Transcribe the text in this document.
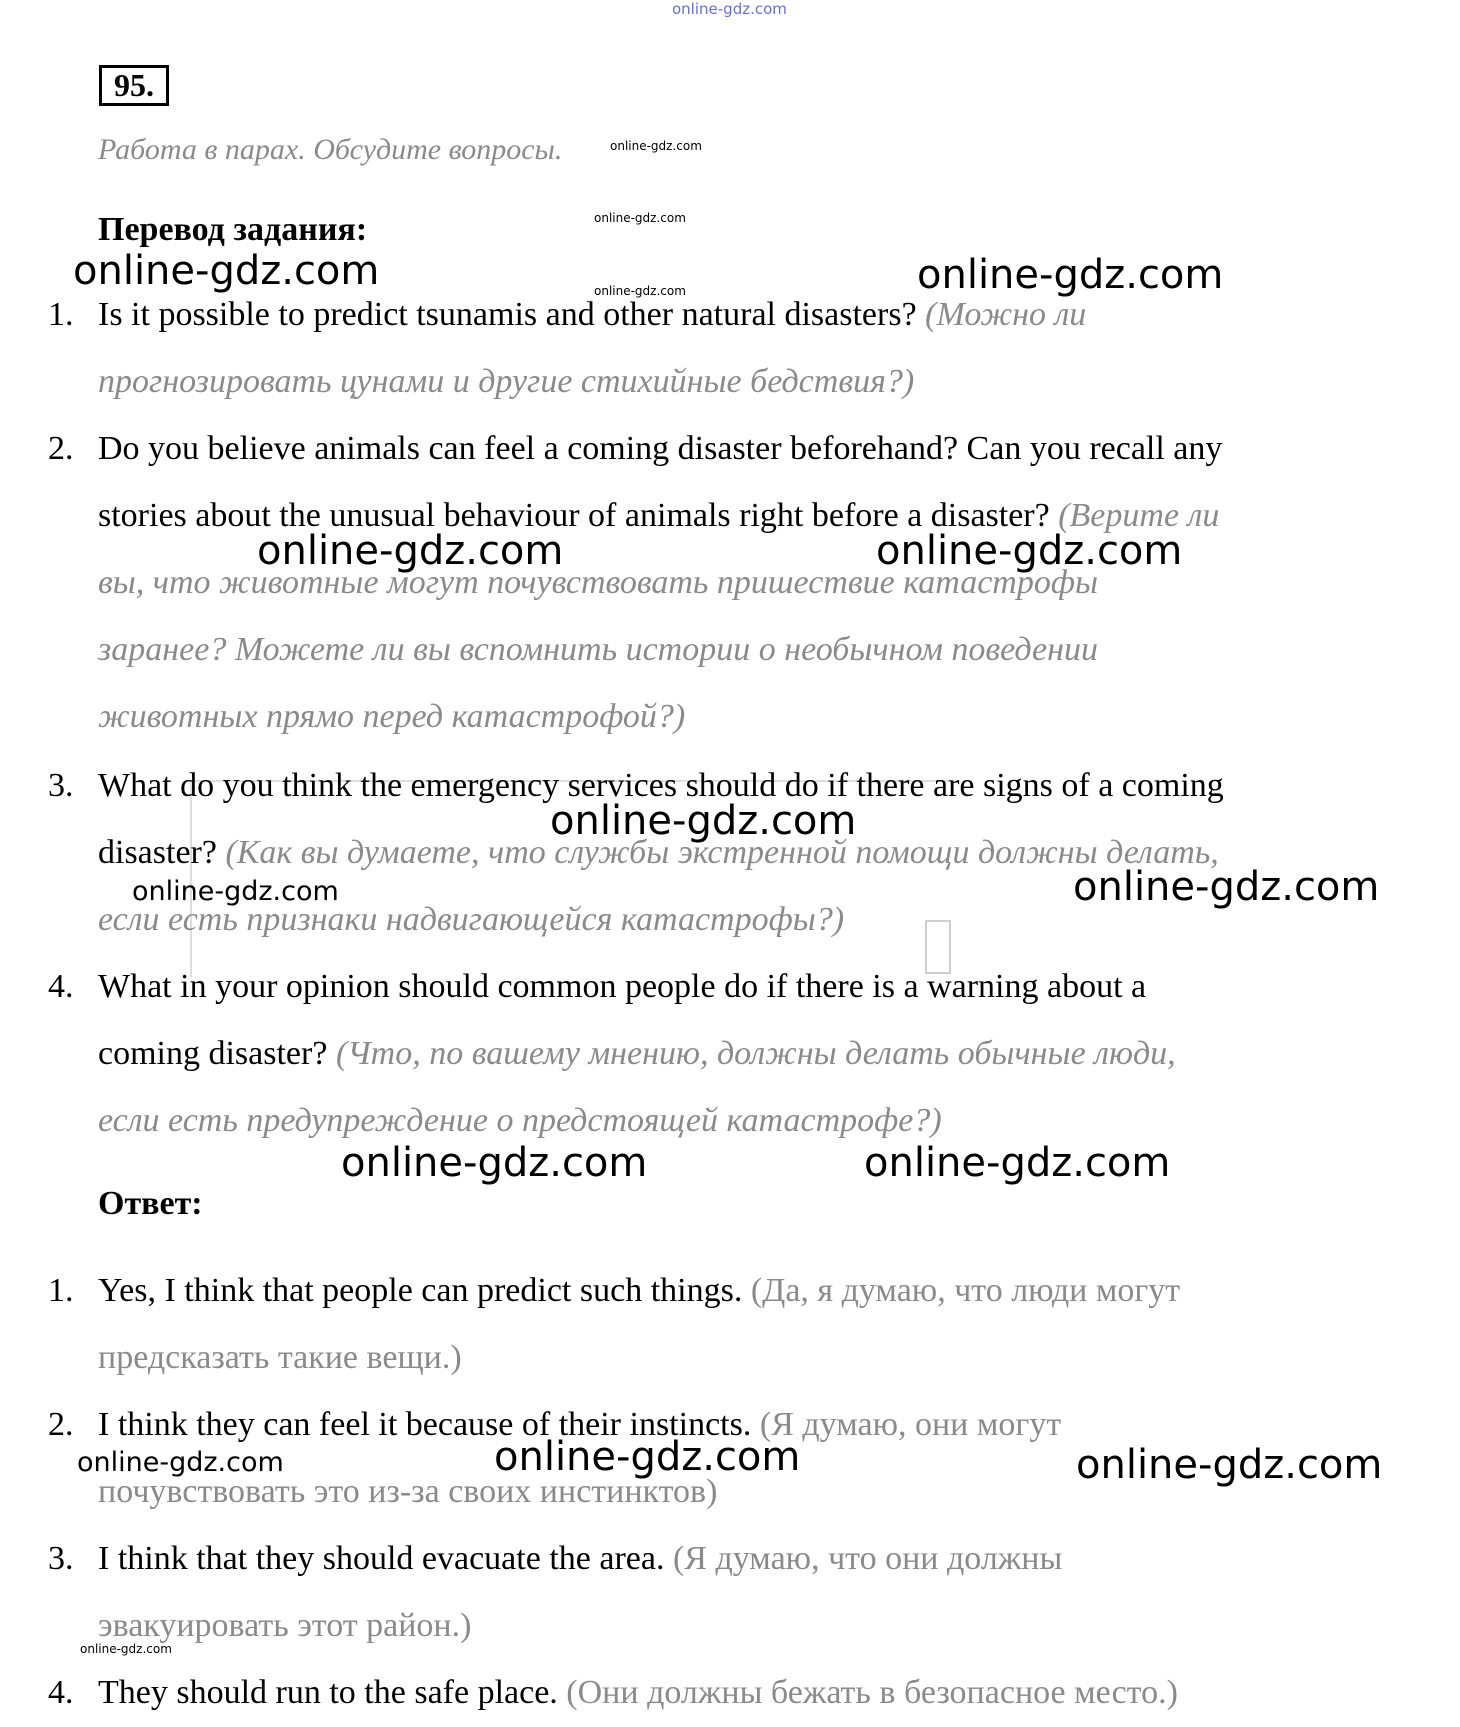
online-gdz.com
95.
Работа в парах. Обсудите вопросы.
Перевод задания:
1. Is it possible to predict tsunamis and other natural disasters? (Можно ли
прогнозировать цунами и другие стихийные бедствия?)
2. Do you believe animals can feel a coming disaster beforehand? Can you recall any
stories about the unusual behaviour of animals right before a disaster? (Верите ли
вы, что животные могут почувствовать пришествие катастрофы
заранее? Можете ли вы вспомнить истории о необычном поведении
животных прямо перед катастрофой?)
3. What do you think the emergency services should do if there are signs of a coming
disaster? (Как вы думаете, что службы экстренной помощи должны делать,
если есть признаки надвигающейся катастрофы?)
4. What in your opinion should common people do if there is a warning about a
coming disaster? (Что, по вашему мнению, должны делать обычные люди,
если есть предупреждение о предстоящей катастрофе?)
Ответ:
1. Yes, I think that people can predict such things. (Да, я думаю, что люди могут
предсказать такие вещи.)
2. I think they can feel it because of their instincts. (Я думаю, они могут
почувствовать это из-за своих инстинктов)
3. I think that they should evacuate the area. (Я думаю, что они должны
эвакуировать этот район.)
4. They should run to the safe place. (Они должны бежать в безопасное место.)
online-gdz.com	online-gdz.com
online-gdz.com
online-gdz.com
online-gdz.com
online-gdz.com	online-gdz.com
online-gdz.com
online-gdz.com	online-gdz.com
online-gdz.com	online-gdz.com
online-gdz.com
online-gdz.com	online-gdz.com
online-gdz.com
